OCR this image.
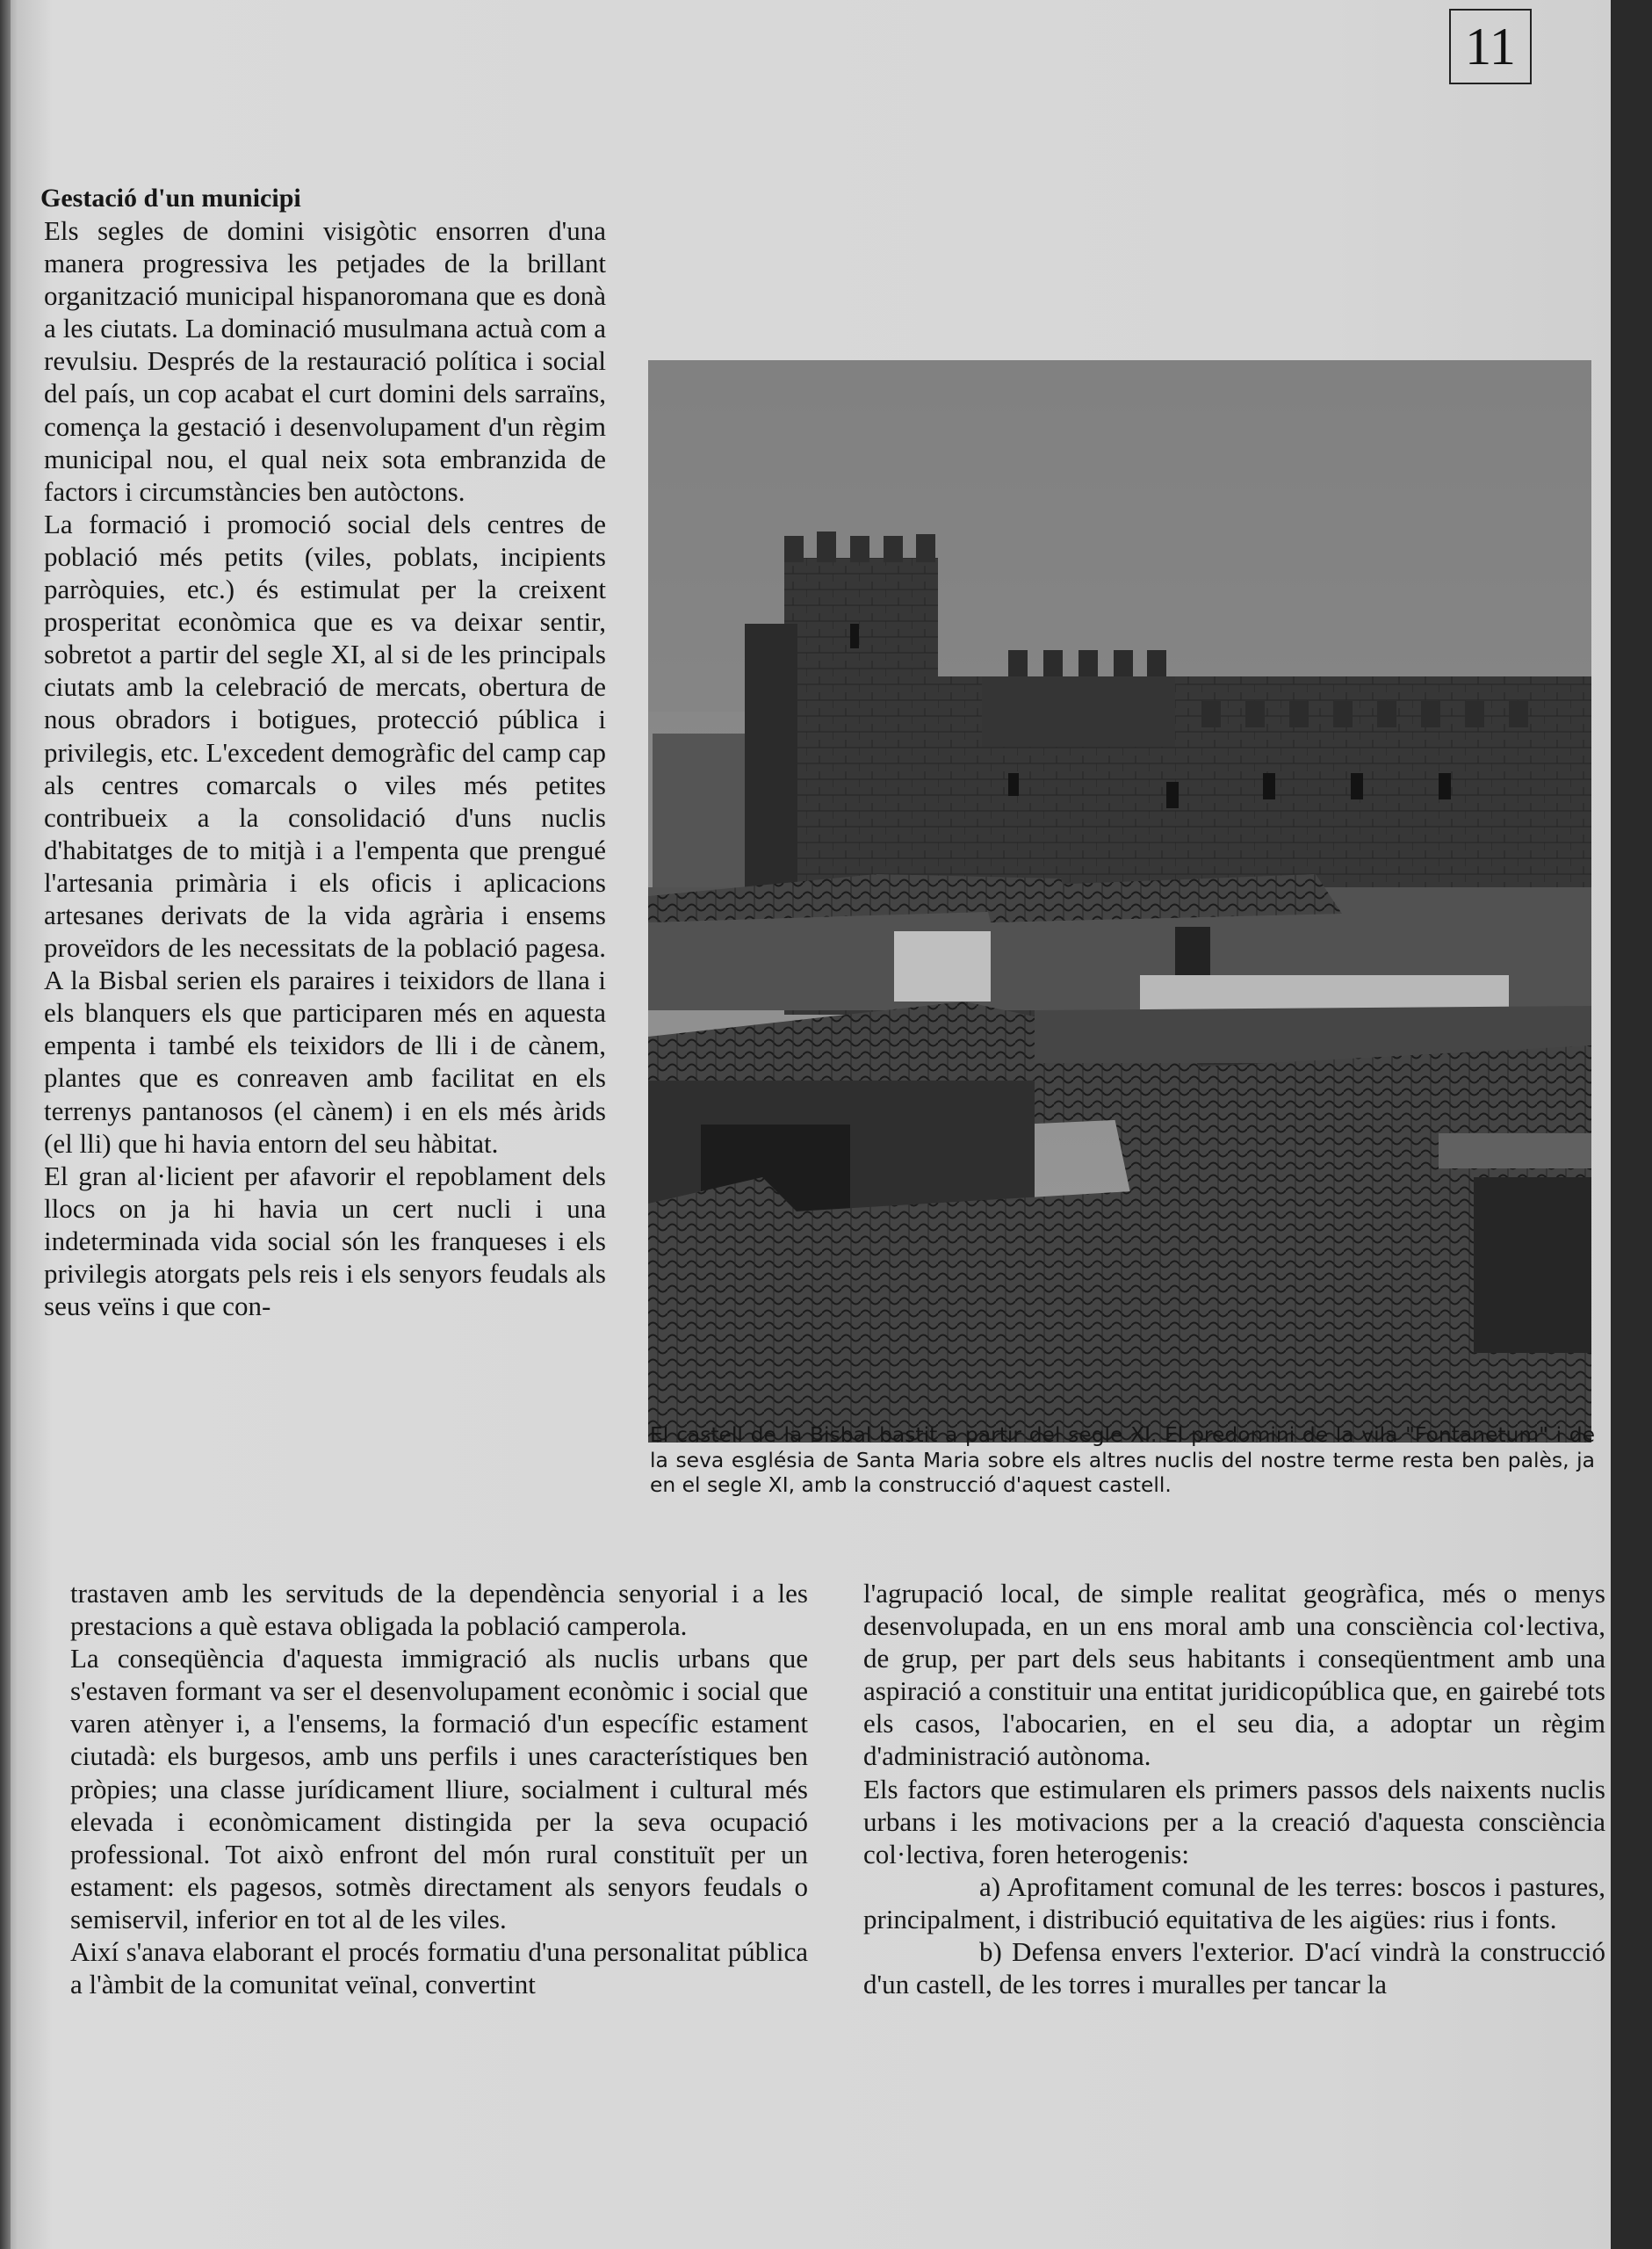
11
Gestació d'un municipi

Els segles de domini visigòtic ensorren d'una manera progressiva les petjades de la brillant organització municipal hispanoromana que es donà a les ciutats. La dominació musulmana actuà com a revulsiu. Després de la restauració política i social del país, un cop acabat el curt domini dels sarraïns, comença la gestació i desenvolupament d'un règim municipal nou, el qual neix sota embranzida de factors i circumstàncies ben autòctons.

La formació i promoció social dels centres de població més petits (viles, poblats, incipients parròquies, etc.) és estimulat per la creixent prosperitat econòmica que es va deixar sentir, sobretot a partir del segle XI, al si de les principals ciutats amb la celebració de mercats, obertura de nous obradors i botigues, protecció pública i privilegis, etc. L'excedent demogràfic del camp cap als centres comarcals o viles més petites contribueix a la consolidació d'uns nuclis d'habitatges de to mitjà i a l'empenta que prengué l'artesania primària i els oficis i aplicacions artesanes derivats de la vida agrària i ensems proveïdors de les necessitats de la població pagesa. A la Bisbal serien els paraires i teixidors de llana i els blanquers els que participaren més en aquesta empenta i també els teixidors de lli i de cànem, plantes que es conreaven amb facilitat en els terrenys pantanosos (el cànem) i en els més àrids (el lli) que hi havia entorn del seu hàbitat.

El gran al·licient per afavorir el repoblament dels llocs on ja hi havia un cert nucli i una indeterminada vida social són les franqueses i els privilegis atorgats pels reis i els senyors feudals als seus veïns i que con-

El castell de la Bisbal bastit a partir del segle XI. El predomini de la vila "Fontanetum" i de la seva església de Santa Maria sobre els altres nuclis del nostre terme resta ben palès, ja en el segle XI, amb la construcció d'aquest castell.

trastaven amb les servituds de la dependència senyorial i a les prestacions a què estava obligada la població camperola.

La conseqüència d'aquesta immigració als nuclis urbans que s'estaven formant va ser el desenvolupament econòmic i social que varen atènyer i, a l'ensems, la formació d'un específic estament ciutadà: els burgesos, amb uns perfils i unes característiques ben pròpies; una classe jurídicament lliure, socialment i cultural més elevada i econòmicament distingida per la seva ocupació professional. Tot això enfront del món rural constituït per un estament: els pagesos, sotmès directament als senyors feudals o semiservil, inferior en tot al de les viles.

Així s'anava elaborant el procés formatiu d'una personalitat pública a l'àmbit de la comunitat veïnal, convertint

l'agrupació local, de simple realitat geogràfica, més o menys desenvolupada, en un ens moral amb una consciència col·lectiva, de grup, per part dels seus habitants i conseqüentment amb una aspiració a constituir una entitat juridicopública que, en gairebé tots els casos, l'abocarien, en el seu dia, a adoptar un règim d'administració autònoma.

Els factors que estimularen els primers passos dels naixents nuclis urbans i les motivacions per a la creació d'aquesta consciència col·lectiva, foren heterogenis:

a) Aprofitament comunal de les terres: boscos i pastures, principalment, i distribució equitativa de les aigües: rius i fonts.

b) Defensa envers l'exterior. D'ací vindrà la construcció d'un castell, de les torres i muralles per tancar la
